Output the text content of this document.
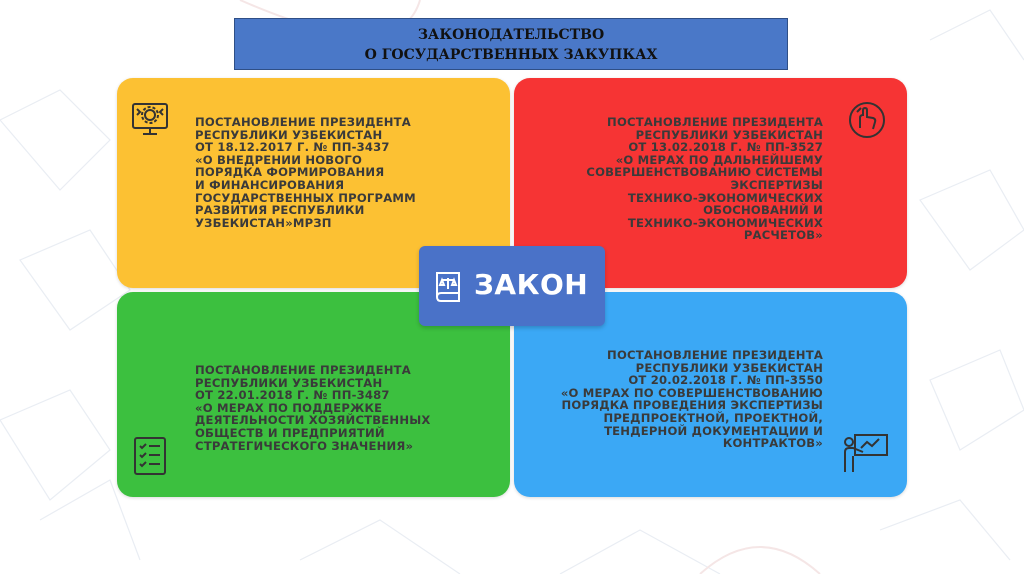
ЗАКОНОДАТЕЛЬСТВО
О ГОСУДАРСТВЕННЫХ ЗАКУПКАХ
ПОСТАНОВЛЕНИЕ ПРЕЗИДЕНТА
РЕСПУБЛИКИ УЗБЕКИСТАН
ОТ 18.12.2017 Г. № ПП-3437
«О ВНЕДРЕНИИ НОВОГО
ПОРЯДКА ФОРМИРОВАНИЯ
И ФИНАНСИРОВАНИЯ
ГОСУДАРСТВЕННЫХ ПРОГРАММ
РАЗВИТИЯ РЕСПУБЛИКИ
УЗБЕКИСТАН»МРЗП
ПОСТАНОВЛЕНИЕ ПРЕЗИДЕНТА
РЕСПУБЛИКИ УЗБЕКИСТАН
ОТ 13.02.2018 Г. № ПП-3527
«О МЕРАХ ПО ДАЛЬНЕЙШЕМУ
СОВЕРШЕНСТВОВАНИЮ СИСТЕМЫ
ЭКСПЕРТИЗЫ
ТЕХНИКО-ЭКОНОМИЧЕСКИХ
ОБОСНОВАНИЙ И
ТЕХНИКО-ЭКОНОМИЧЕСКИХ
РАСЧЕТОВ»
ПОСТАНОВЛЕНИЕ ПРЕЗИДЕНТА
РЕСПУБЛИКИ УЗБЕКИСТАН
ОТ 22.01.2018 Г. № ПП-3487
«О МЕРАХ ПО ПОДДЕРЖКЕ
ДЕЯТЕЛЬНОСТИ ХОЗЯЙСТВЕННЫХ
ОБЩЕСТВ И ПРЕДПРИЯТИЙ
СТРАТЕГИЧЕСКОГО ЗНАЧЕНИЯ»
ПОСТАНОВЛЕНИЕ ПРЕЗИДЕНТА
РЕСПУБЛИКИ УЗБЕКИСТАН
ОТ 20.02.2018 Г. № ПП-3550
«О МЕРАХ ПО СОВЕРШЕНСТВОВАНИЮ
ПОРЯДКА ПРОВЕДЕНИЯ ЭКСПЕРТИЗЫ
ПРЕДПРОЕКТНОЙ, ПРОЕКТНОЙ,
ТЕНДЕРНОЙ ДОКУМЕНТАЦИИ И
КОНТРАКТОВ»
ЗАКОН
